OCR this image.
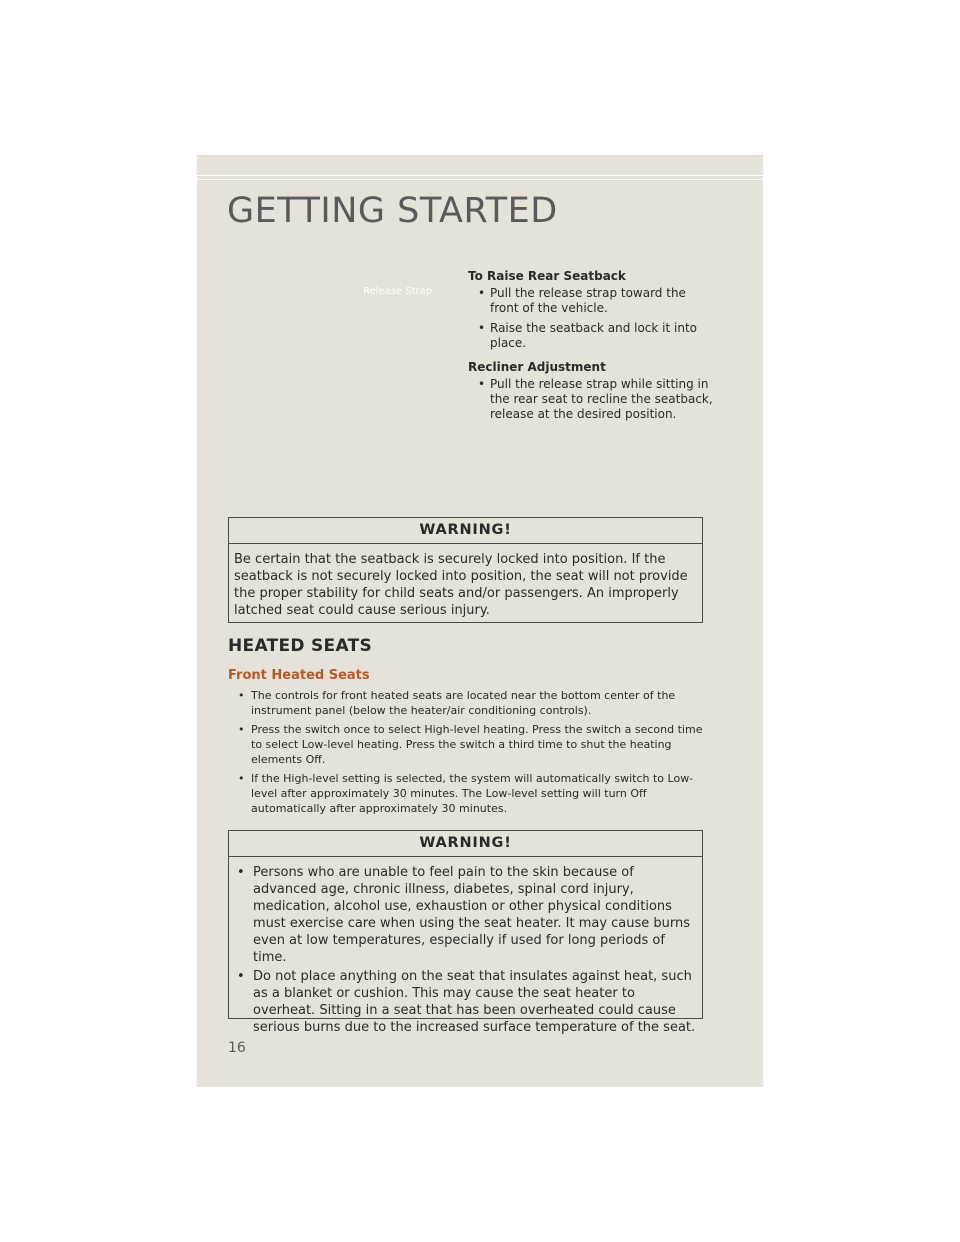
GETTING STARTED
Release Strap

To Raise Rear Seatback

• Pull the release strap toward the front of the vehicle.
• Raise the seatback and lock it into place.

Recliner Adjustment

• Pull the release strap while sitting in the rear seat to recline the seatback, release at the desired position.
WARNING!
Be certain that the seatback is securely locked into position. If the seatback is not securely locked into position, the seat will not provide the proper stability for child seats and/or passengers. An improperly latched seat could cause serious injury.
HEATED SEATS
Front Heated Seats
• The controls for front heated seats are located near the bottom center of the instrument panel (below the heater/air conditioning controls).
• Press the switch once to select High-level heating. Press the switch a second time to select Low-level heating. Press the switch a third time to shut the heating elements Off.
• If the High-level setting is selected, the system will automatically switch to Low-level after approximately 30 minutes. The Low-level setting will turn Off automatically after approximately 30 minutes.
WARNING!
• Persons who are unable to feel pain to the skin because of advanced age, chronic illness, diabetes, spinal cord injury, medication, alcohol use, exhaustion or other physical conditions must exercise care when using the seat heater. It may cause burns even at low temperatures, especially if used for long periods of time.
• Do not place anything on the seat that insulates against heat, such as a blanket or cushion. This may cause the seat heater to overheat. Sitting in a seat that has been overheated could cause serious burns due to the increased surface temperature of the seat.
16
